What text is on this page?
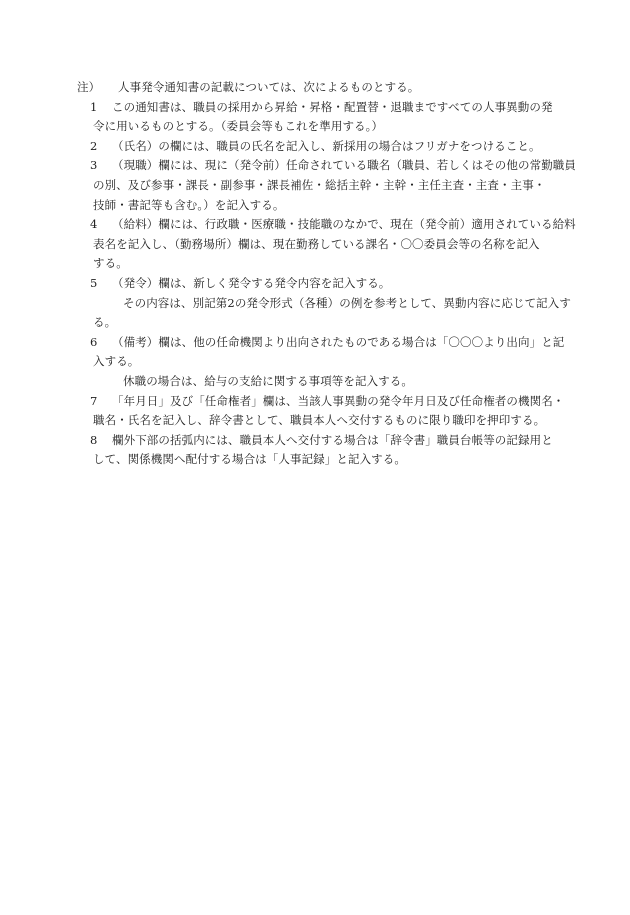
注） 人事発令通知書の記載については、次によるものとする。
1	この通知書は、職員の採用から昇給・昇格・配置替・退職まですべての人事異動の発
令に用いるものとする。（委員会等もこれを準用する。）
2	（氏名）の欄には、職員の氏名を記入し、新採用の場合はフリガナをつけること。
3	（現職）欄には、現に（発令前）任命されている職名（職員、若しくはその他の常勤職員
の別、及び参事・課長・副参事・課長補佐・総括主幹・主幹・主任主査・主査・主事・
技師・書記等も含む。）を記入する。
4	（給料）欄には、行政職・医療職・技能職のなかで、現在（発令前）適用されている給料
表名を記入し、（勤務場所）欄は、現在勤務している課名・〇〇委員会等の名称を記入
する。
5	（発令）欄は、新しく発令する発令内容を記入する。
その内容は、別記第2の発令形式（各種）の例を参考として、異動内容に応じて記入す
る。
6	（備考）欄は、他の任命機関より出向されたものである場合は「〇〇〇より出向」と記
入する。
休職の場合は、給与の支給に関する事項等を記入する。
7	「年月日」及び「任命権者」欄は、当該人事異動の発令年月日及び任命権者の機関名・
職名・氏名を記入し、辞令書として、職員本人へ交付するものに限り職印を押印する。
8	欄外下部の括弧内には、職員本人へ交付する場合は「辞令書」職員台帳等の記録用と
して、関係機関へ配付する場合は「人事記録」と記入する。
